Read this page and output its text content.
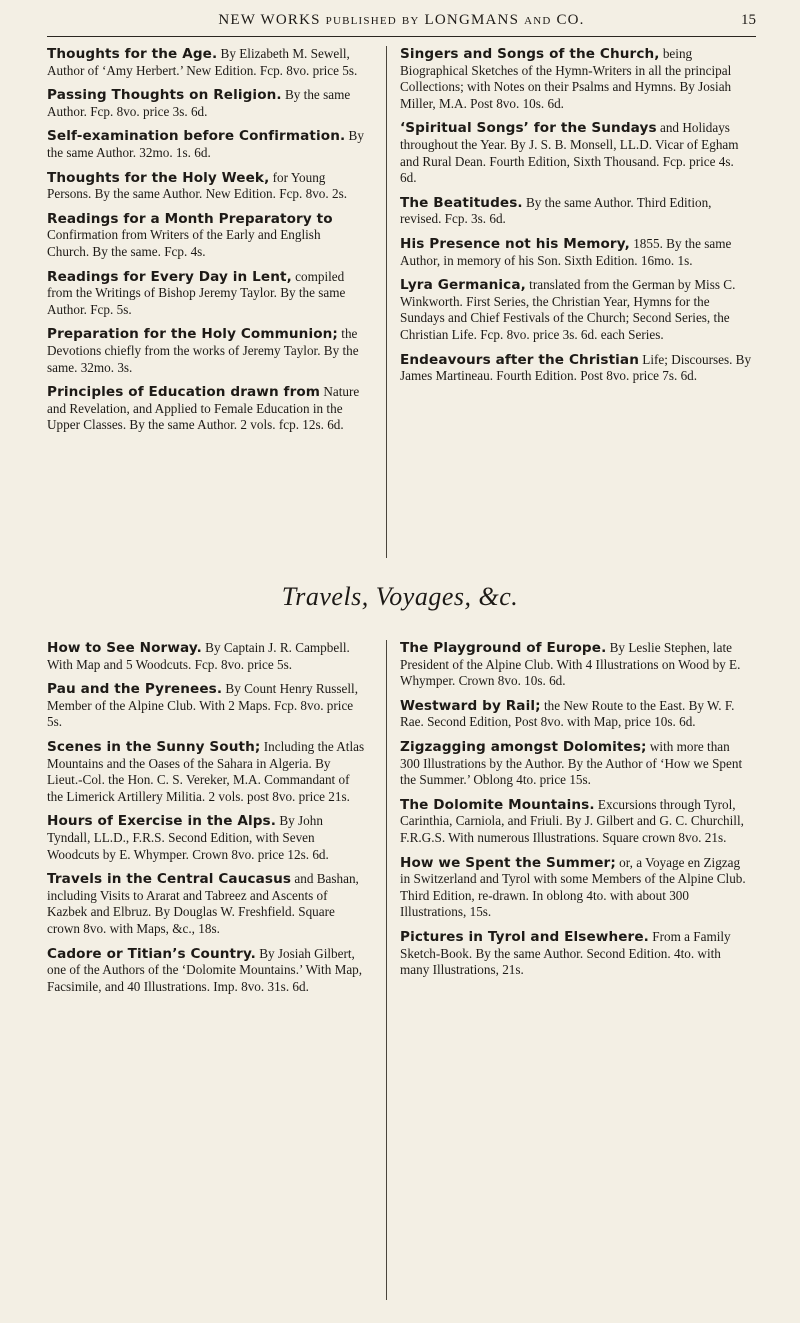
NEW WORKS published by LONGMANS and CO.	15

Thoughts for the Age. By Elizabeth M. Sewell, Author of ‘Amy Herbert.’ New Edition. Fcp. 8vo. price 5s.

Passing Thoughts on Religion. By the same Author. Fcp. 8vo. price 3s. 6d.

Self-examination before Confirmation. By the same Author. 32mo. 1s. 6d.

Thoughts for the Holy Week, for Young Persons. By the same Author. New Edition. Fcp. 8vo. 2s.

Readings for a Month Preparatory to Confirmation from Writers of the Early and English Church. By the same. Fcp. 4s.

Readings for Every Day in Lent, compiled from the Writings of Bishop Jeremy Taylor. By the same Author. Fcp. 5s.

Preparation for the Holy Communion; the Devotions chiefly from the works of Jeremy Taylor. By the same. 32mo. 3s.

Principles of Education drawn from Nature and Revelation, and Applied to Female Education in the Upper Classes. By the same Author. 2 vols. fcp. 12s. 6d.

Singers and Songs of the Church, being Biographical Sketches of the Hymn-Writers in all the principal Collections; with Notes on their Psalms and Hymns. By Josiah Miller, M.A. Post 8vo. 10s. 6d.

‘Spiritual Songs’ for the Sundays and Holidays throughout the Year. By J. S. B. Monsell, LL.D. Vicar of Egham and Rural Dean. Fourth Edition, Sixth Thousand. Fcp. price 4s. 6d.

The Beatitudes. By the same Author. Third Edition, revised. Fcp. 3s. 6d.

His Presence not his Memory, 1855. By the same Author, in memory of his Son. Sixth Edition. 16mo. 1s.

Lyra Germanica, translated from the German by Miss C. Winkworth. First Series, the Christian Year, Hymns for the Sundays and Chief Festivals of the Church; Second Series, the Christian Life. Fcp. 8vo. price 3s. 6d. each Series.

Endeavours after the Christian Life; Discourses. By James Martineau. Fourth Edition. Post 8vo. price 7s. 6d.

Travels, Voyages, &c.

How to See Norway. By Captain J. R. Campbell. With Map and 5 Woodcuts. Fcp. 8vo. price 5s.

Pau and the Pyrenees. By Count Henry Russell, Member of the Alpine Club. With 2 Maps. Fcp. 8vo. price 5s.

Scenes in the Sunny South; Including the Atlas Mountains and the Oases of the Sahara in Algeria. By Lieut.-Col. the Hon. C. S. Vereker, M.A. Commandant of the Limerick Artillery Militia. 2 vols. post 8vo. price 21s.

Hours of Exercise in the Alps. By John Tyndall, LL.D., F.R.S. Second Edition, with Seven Woodcuts by E. Whymper. Crown 8vo. price 12s. 6d.

Travels in the Central Caucasus and Bashan, including Visits to Ararat and Tabreez and Ascents of Kazbek and Elbruz. By Douglas W. Freshfield. Square crown 8vo. with Maps, &c., 18s.

Cadore or Titian’s Country. By Josiah Gilbert, one of the Authors of the ‘Dolomite Mountains.’ With Map, Facsimile, and 40 Illustrations. Imp. 8vo. 31s. 6d.

The Playground of Europe. By Leslie Stephen, late President of the Alpine Club. With 4 Illustrations on Wood by E. Whymper. Crown 8vo. 10s. 6d.

Westward by Rail; the New Route to the East. By W. F. Rae. Second Edition, Post 8vo. with Map, price 10s. 6d.

Zigzagging amongst Dolomites; with more than 300 Illustrations by the Author. By the Author of ‘How we Spent the Summer.’ Oblong 4to. price 15s.

The Dolomite Mountains. Excursions through Tyrol, Carinthia, Carniola, and Friuli. By J. Gilbert and G. C. Churchill, F.R.G.S. With numerous Illustrations. Square crown 8vo. 21s.

How we Spent the Summer; or, a Voyage en Zigzag in Switzerland and Tyrol with some Members of the Alpine Club. Third Edition, re-drawn. In oblong 4to. with about 300 Illustrations, 15s.

Pictures in Tyrol and Elsewhere. From a Family Sketch-Book. By the same Author. Second Edition. 4to. with many Illustrations, 21s.
